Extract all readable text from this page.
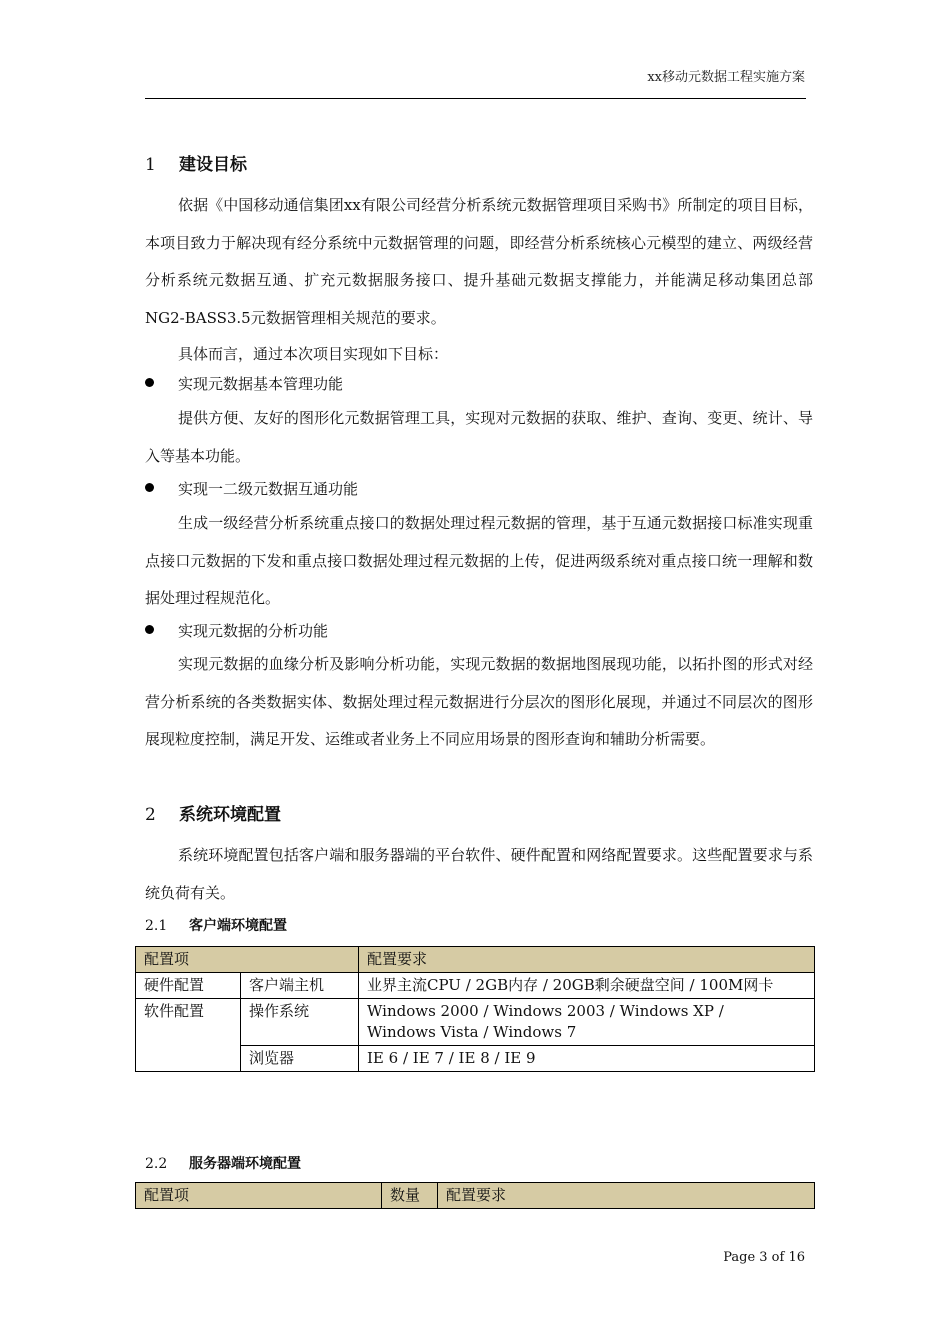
xx移动元数据工程实施方案
1 建设目标

依据《中国移动通信集团xx有限公司经营分析系统元数据管理项目采购书》所制定的项目目标，本项目致力于解决现有经分系统中元数据管理的问题，即经营分析系统核心元模型的建立、两级经营分析系统元数据互通、扩充元数据服务接口、提升基础元数据支撑能力，并能满足移动集团总部NG2-BASS3.5元数据管理相关规范的要求。

具体而言，通过本次项目实现如下目标：

实现元数据基本管理功能

提供方便、友好的图形化元数据管理工具，实现对元数据的获取、维护、查询、变更、统计、导入等基本功能。

实现一二级元数据互通功能

生成一级经营分析系统重点接口的数据处理过程元数据的管理，基于互通元数据接口标准实现重点接口元数据的下发和重点接口数据处理过程元数据的上传，促进两级系统对重点接口统一理解和数据处理过程规范化。

实现元数据的分析功能

实现元数据的血缘分析及影响分析功能，实现元数据的数据地图展现功能，以拓扑图的形式对经营分析系统的各类数据实体、数据处理过程元数据进行分层次的图形化展现，并通过不同层次的图形展现粒度控制，满足开发、运维或者业务上不同应用场景的图形查询和辅助分析需要。

2 系统环境配置

系统环境配置包括客户端和服务器端的平台软件、硬件配置和网络配置要求。这些配置要求与系统负荷有关。

2.1 客户端环境配置
配置项		配置要求
硬件配置	客户端主机	业界主流CPU / 2GB内存 / 20GB剩余硬盘空间 / 100M网卡
软件配置	操作系统	Windows 2000 / Windows 2003 / Windows XP /
Windows Vista / Windows 7

	浏览器	IE 6 / IE 7 / IE 8 / IE 9
2.2 服务器端环境配置
配置项	数量	配置要求
Page 3 of 16
